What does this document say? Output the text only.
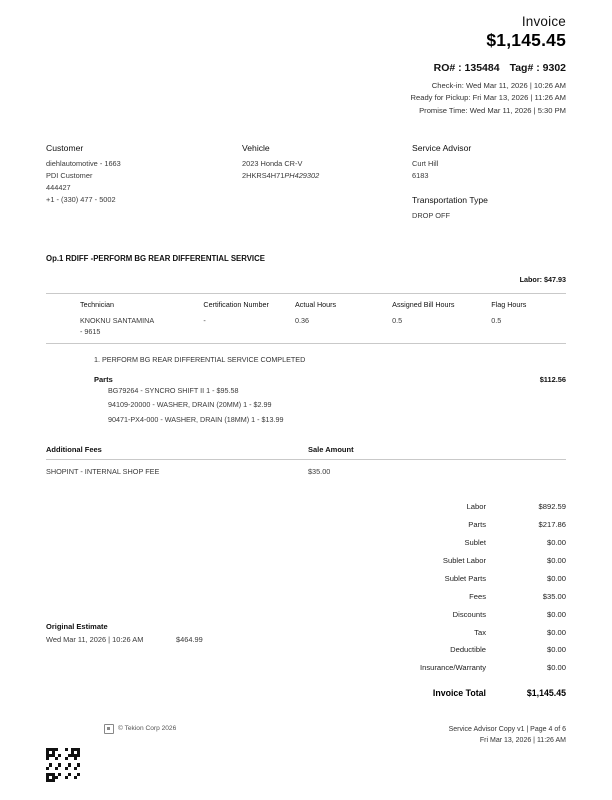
Invoice
$1,145.45
RO# : 135484 Tag# : 9302
Check-in: Wed Mar 11, 2026 | 10:26 AM
Ready for Pickup: Fri Mar 13, 2026 | 11:26 AM
Promise Time: Wed Mar 11, 2026 | 5:30 PM
Customer
diehlautomotive - 1663
PDI Customer
444427
+1 - (330) 477 - 5002
Vehicle
2023 Honda CR-V
2HKRS4H71PH429302
Service Advisor
Curt Hill
6183
Transportation Type
DROP OFF
Op.1 RDIFF -PERFORM BG REAR DIFFERENTIAL SERVICE
Labor: $47.93
Technician	Certification Number	Actual Hours	Assigned Bill Hours	Flag Hours
KNOKNU SANTAMINA
- 9615
-	0.36	0.5	0.5
1. PERFORM BG REAR DIFFERENTIAL SERVICE COMPLETED
Parts	$112.56
BG79264 - SYNCRO SHIFT II 1 - $95.58
94109-20000 - WASHER, DRAIN (20MM) 1 - $2.99
90471-PX4-000 - WASHER, DRAIN (18MM) 1 - $13.99
Additional Fees	Sale Amount
SHOPINT - INTERNAL SHOP FEE	$35.00
Labor	$892.59
Parts	$217.86
Sublet	$0.00
Sublet Labor	$0.00
Sublet Parts	$0.00
Fees	$35.00
Discounts	$0.00
Tax	$0.00
Deductible	$0.00
Insurance/Warranty	$0.00
Invoice Total	$1,145.45
Original Estimate
Wed Mar 11, 2026 | 10:26 AM	$464.99
© Tekion Corp 2026	Service Advisor Copy v1 | Page 4 of 6
Fri Mar 13, 2026 | 11:26 AM
